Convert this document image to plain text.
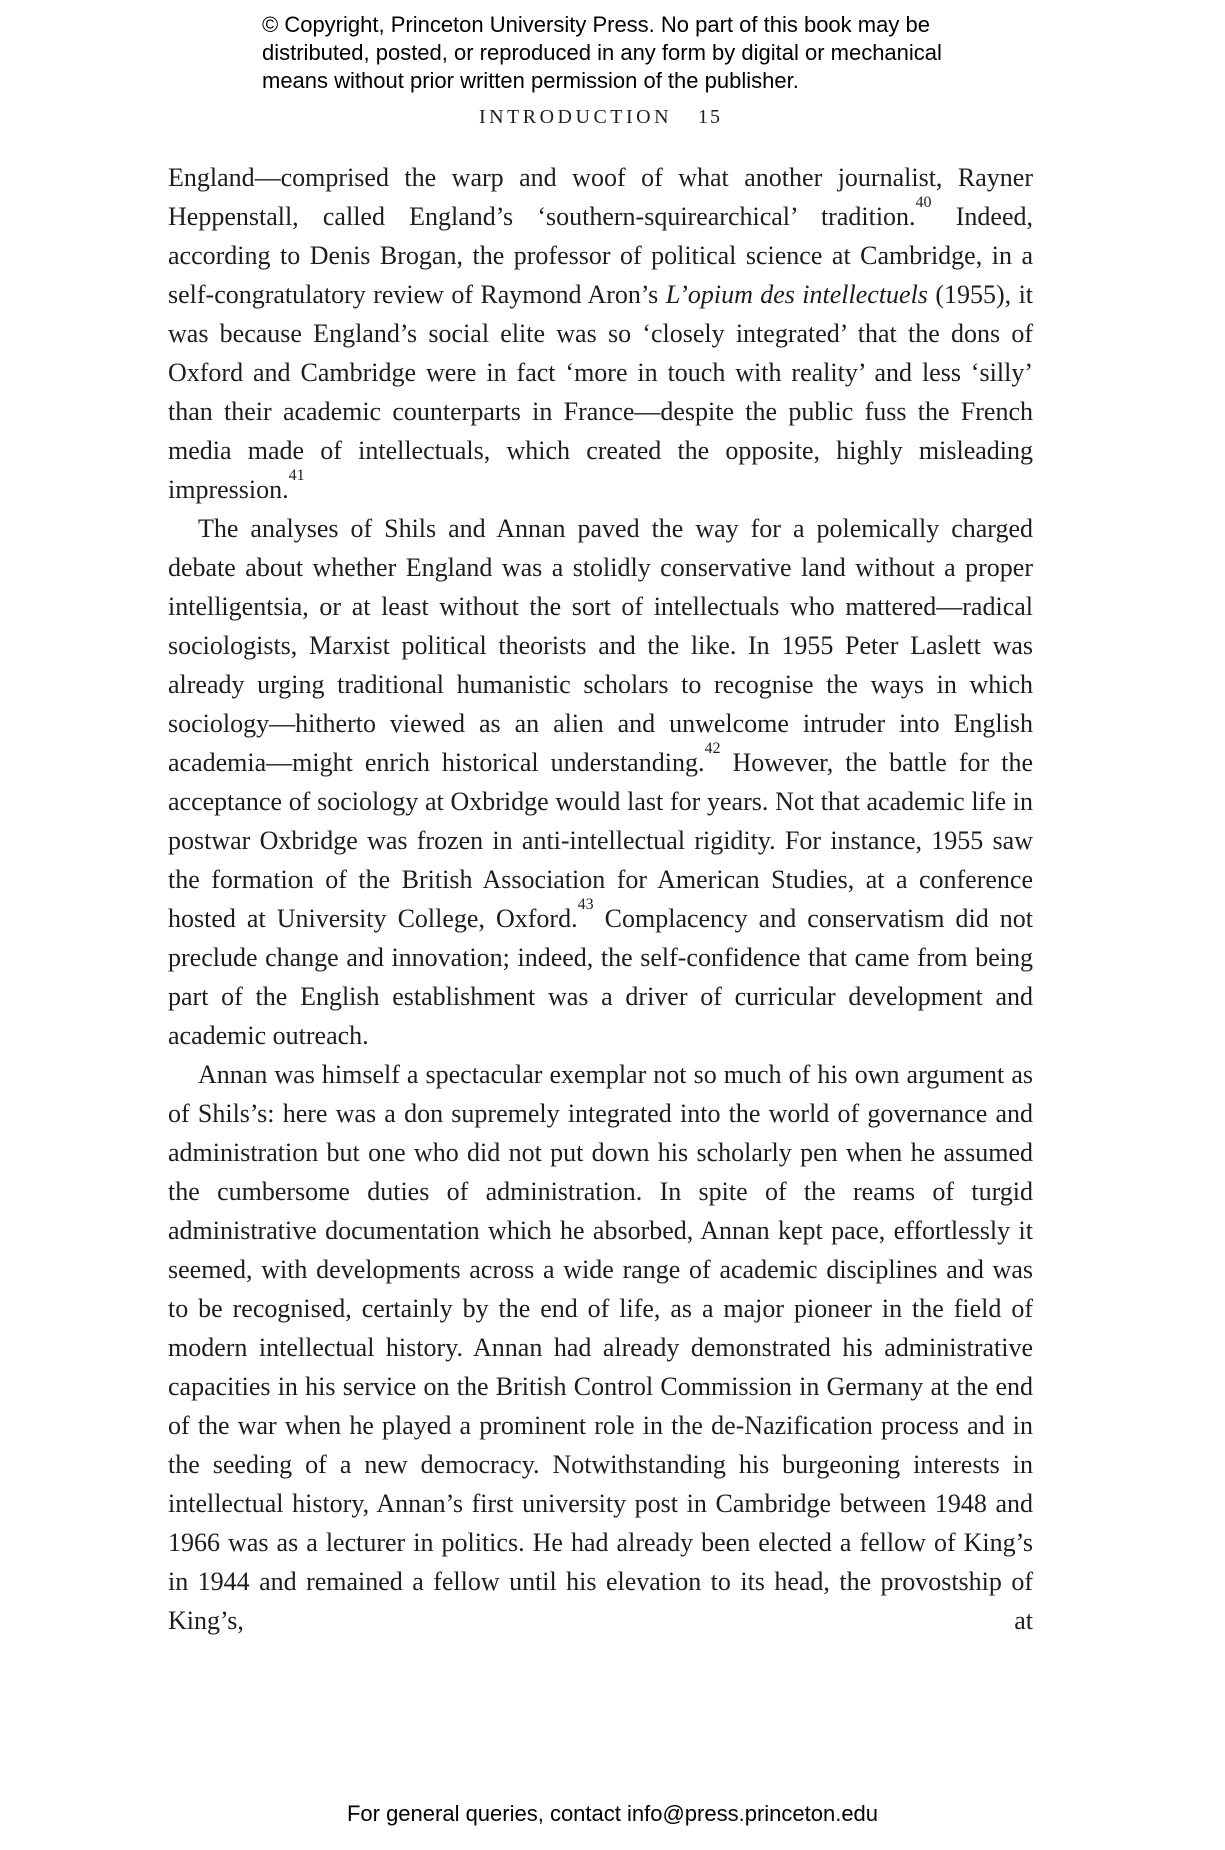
© Copyright, Princeton University Press. No part of this book may be
distributed, posted, or reproduced in any form by digital or mechanical
means without prior written permission of the publisher.
INTRODUCTION 15

England—comprised the warp and woof of what another journalist, Rayner Heppenstall, called England’s ‘southern-squirearchical’ tradition.$^{40}$ Indeed, according to Denis Brogan, the professor of political science at Cambridge, in a self-congratulatory review of Raymond Aron’s L’opium des intellectuels (1955), it was because England’s social elite was so ‘closely integrated’ that the dons of Oxford and Cambridge were in fact ‘more in touch with reality’ and less ‘silly’ than their academic counterparts in France—despite the public fuss the French media made of intellectuals, which created the opposite, highly misleading impression.$^{41}$

The analyses of Shils and Annan paved the way for a polemically charged debate about whether England was a stolidly conservative land without a proper intelligentsia, or at least without the sort of intellectuals who mattered—radical sociologists, Marxist political theorists and the like. In 1955 Peter Laslett was already urging traditional humanistic scholars to recognise the ways in which sociology—hitherto viewed as an alien and unwelcome intruder into English academia—might enrich historical understanding.$^{42}$ However, the battle for the acceptance of sociology at Oxbridge would last for years. Not that academic life in postwar Oxbridge was frozen in anti-intellectual rigidity. For instance, 1955 saw the formation of the British Association for American Studies, at a conference hosted at University College, Oxford.$^{43}$ Complacency and conservatism did not preclude change and innovation; indeed, the self-confidence that came from being part of the English establishment was a driver of curricular development and academic outreach.

Annan was himself a spectacular exemplar not so much of his own argument as of Shils’s: here was a don supremely integrated into the world of governance and administration but one who did not put down his scholarly pen when he assumed the cumbersome duties of administration. In spite of the reams of turgid administrative documentation which he absorbed, Annan kept pace, effortlessly it seemed, with developments across a wide range of academic disciplines and was to be recognised, certainly by the end of life, as a major pioneer in the field of modern intellectual history. Annan had already demonstrated his administrative capacities in his service on the British Control Commission in Germany at the end of the war when he played a prominent role in the de-Nazification process and in the seeding of a new democracy. Notwithstanding his burgeoning interests in intellectual history, Annan’s first university post in Cambridge between 1948 and 1966 was as a lecturer in politics. He had already been elected a fellow of King’s in 1944 and remained a fellow until his elevation to its head, the provostship of King’s, at

For general queries, contact info@press.princeton.edu
